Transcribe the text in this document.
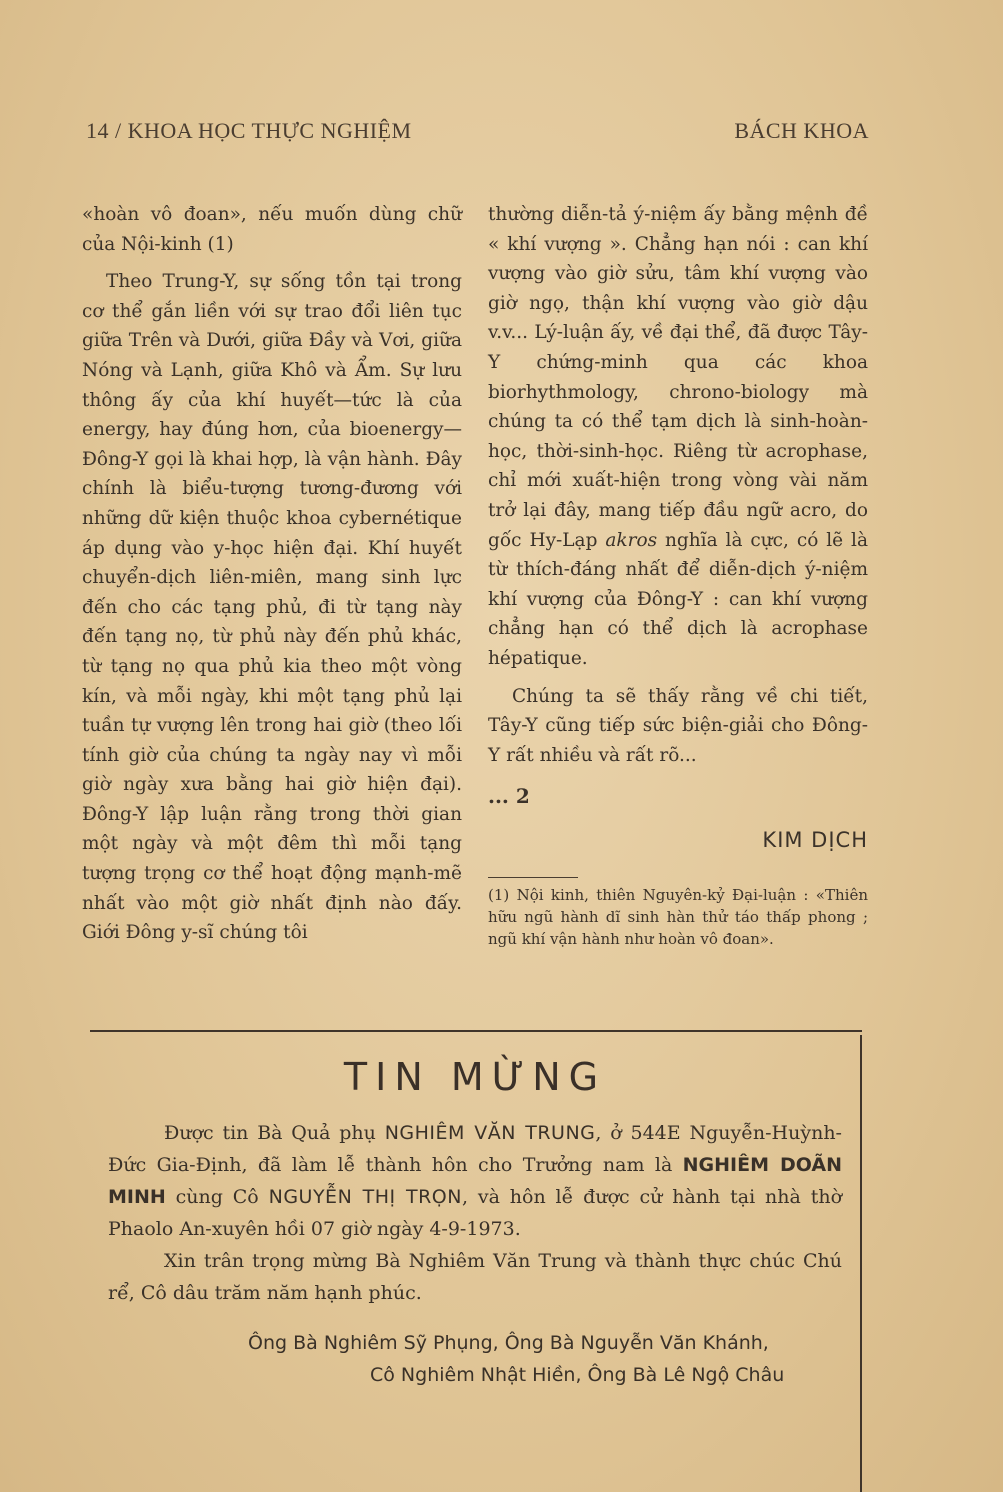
14 / KHOA HỌC THỰC NGHIỆM	BÁCH KHOA

«hoàn vô đoan», nếu muốn dùng chữ của Nội-kinh (1)

Theo Trung-Y, sự sống tồn tại trong cơ thể gắn liền với sự trao đổi liên tục giữa Trên và Dưới, giữa Đầy và Vơi, giữa Nóng và Lạnh, giữa Khô và Ẩm. Sự lưu thông ấy của khí huyết—tức là của energy, hay đúng hơn, của bioenergy—Đông-Y gọi là khai hợp, là vận hành. Đây chính là biểu-tượng tương-đương với những dữ kiện thuộc khoa cybernétique áp dụng vào y-học hiện đại. Khí huyết chuyển-dịch liên-miên, mang sinh lực đến cho các tạng phủ, đi từ tạng này đến tạng nọ, từ phủ này đến phủ khác, từ tạng nọ qua phủ kia theo một vòng kín, và mỗi ngày, khi một tạng phủ lại tuần tự vượng lên trong hai giờ (theo lối tính giờ của chúng ta ngày nay vì mỗi giờ ngày xưa bằng hai giờ hiện đại). Đông-Y lập luận rằng trong thời gian một ngày và một đêm thì mỗi tạng tượng trọng cơ thể hoạt động mạnh-mẽ nhất vào một giờ nhất định nào đấy. Giới Đông y-sĩ chúng tôi

thường diễn-tả ý-niệm ấy bằng mệnh đề « khí vượng ». Chẳng hạn nói : can khí vượng vào giờ sửu, tâm khí vượng vào giờ ngọ, thận khí vượng vào giờ dậu v.v... Lý-luận ấy, về đại thể, đã được Tây-Y chứng-minh qua các khoa biorhythmology, chrono-biology mà chúng ta có thể tạm dịch là sinh-hoàn-học, thời-sinh-học. Riêng từ acrophase, chỉ mới xuất-hiện trong vòng vài năm trở lại đây, mang tiếp đầu ngữ acro, do gốc Hy-Lạp akros nghĩa là cực, có lẽ là từ thích-đáng nhất để diễn-dịch ý-niệm khí vượng của Đông-Y : can khí vượng chẳng hạn có thể dịch là acrophase hépatique.

Chúng ta sẽ thấy rằng về chi tiết, Tây-Y cũng tiếp sức biện-giải cho Đông-Y rất nhiều và rất rõ...

... 2
KIM DỊCH
(1) Nội kinh, thiên Nguyên-kỷ Đại-luận : «Thiên hữu ngũ hành dĩ sinh hàn thử táo thấp phong ; ngũ khí vận hành như hoàn vô đoan».
TIN MỪNG

Được tin Bà Quả phụ NGHIÊM VĂN TRUNG, ở 544E Nguyễn-Huỳnh-Đức Gia-Định, đã làm lễ thành hôn cho Trưởng nam là NGHIÊM DOÃN MINH cùng Cô NGUYỄN THỊ TRỌN, và hôn lễ được cử hành tại nhà thờ Phaolo An-xuyên hồi 07 giờ ngày 4-9-1973.

Xin trân trọng mừng Bà Nghiêm Văn Trung và thành thực chúc Chú rể, Cô dâu trăm năm hạnh phúc.

Ông Bà Nghiêm Sỹ Phụng, Ông Bà Nguyễn Văn Khánh,
Cô Nghiêm Nhật Hiền, Ông Bà Lê Ngộ Châu
